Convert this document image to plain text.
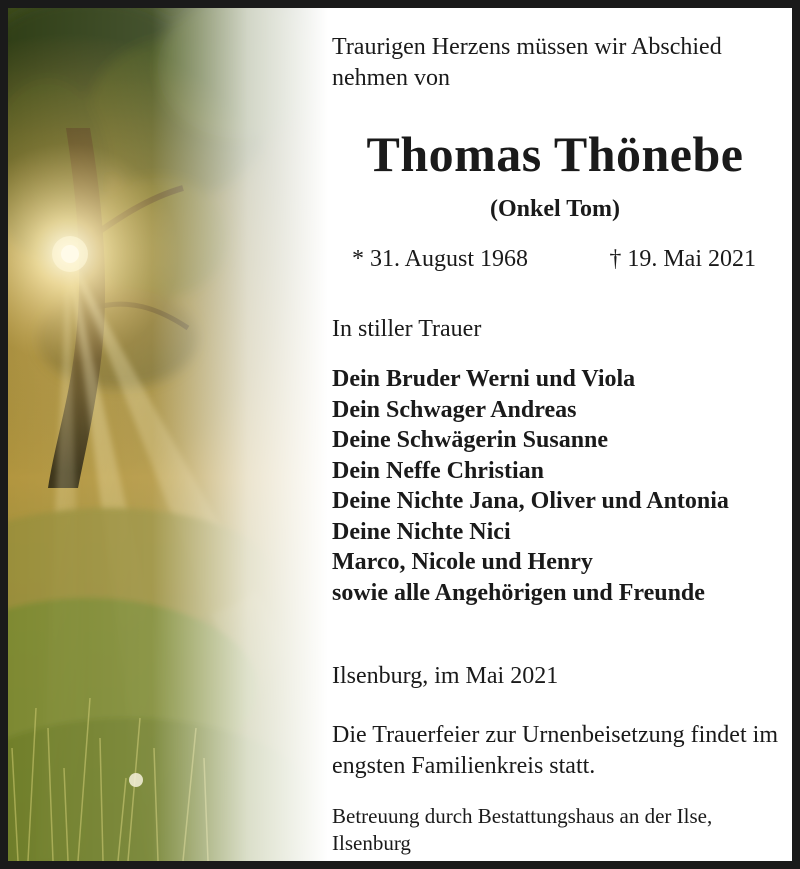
Traurigen Herzens müssen wir Abschied nehmen von

Thomas Thönebe

(Onkel Tom)

* 31. August 1968	† 19. Mai 2021

In stiller Trauer

Dein Bruder Werni und Viola
Dein Schwager Andreas
Deine Schwägerin Susanne
Dein Neffe Christian
Deine Nichte Jana, Oliver und Antonia
Deine Nichte Nici
Marco, Nicole und Henry
sowie alle Angehörigen und Freunde

Ilsenburg, im Mai 2021

Die Trauerfeier zur Urnenbeisetzung findet im engsten Familienkreis statt.

Betreuung durch Bestattungshaus an der Ilse, Ilsenburg
